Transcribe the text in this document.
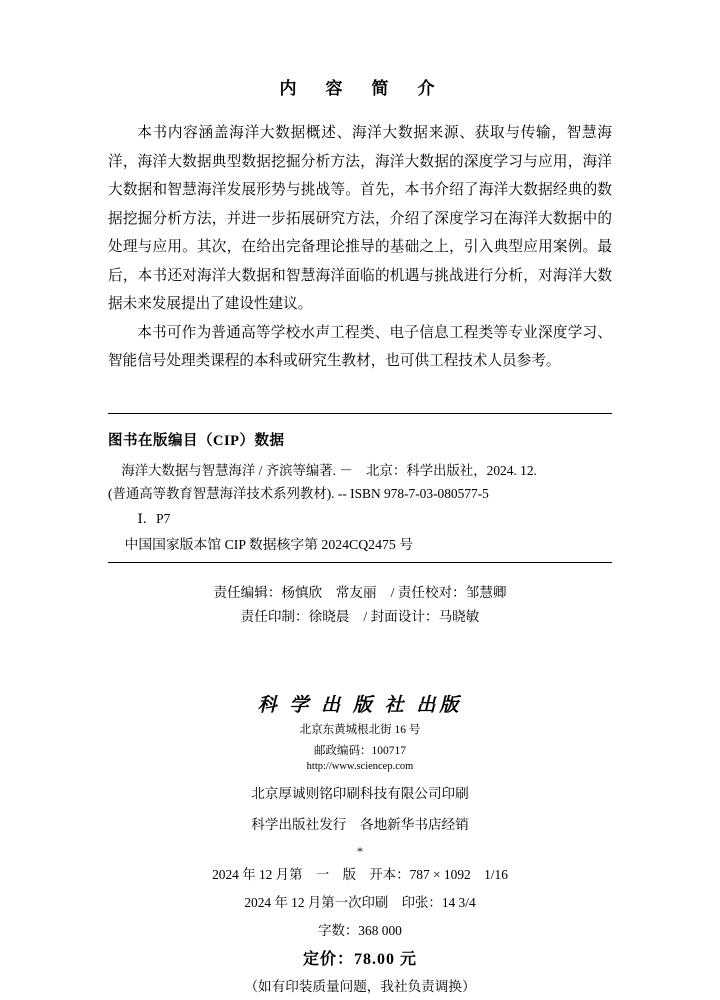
内　容　简　介

本书内容涵盖海洋大数据概述、海洋大数据来源、获取与传输，智慧海洋，海洋大数据典型数据挖掘分析方法，海洋大数据的深度学习与应用，海洋大数据和智慧海洋发展形势与挑战等。首先，本书介绍了海洋大数据经典的数据挖掘分析方法，并进一步拓展研究方法，介绍了深度学习在海洋大数据中的处理与应用。其次，在给出完备理论推导的基础之上，引入典型应用案例。最后，本书还对海洋大数据和智慧海洋面临的机遇与挑战进行分析，对海洋大数据未来发展提出了建设性建议。

本书可作为普通高等学校水声工程类、电子信息工程类等专业深度学习、智能信号处理类课程的本科或研究生教材，也可供工程技术人员参考。

图书在版编目（CIP）数据
海洋大数据与智慧海洋 / 齐滨等编著. －　北京：科学出版社，2024. 12.
(普通高等教育智慧海洋技术系列教材). -- ISBN 978-7-03-080577-5
Ⅰ．P7
中国国家版本馆 CIP 数据核字第 2024CQ2475 号
责任编辑：杨慎欣　常友丽 / 责任校对：邹慧卿
责任印制：徐晓晨 / 封面设计：马晓敏
科 学 出 版 社 出版
北京东黄城根北街 16 号
邮政编码：100717
http://www.sciencep.com
北京厚诚则铭印刷科技有限公司印刷
科学出版社发行　各地新华书店经销
*
2024 年 12 月第　一　版　开本：787 × 1092　1/16
2024 年 12 月第一次印刷　印张：14 3/4
字数：368 000
定价：78.00 元
（如有印装质量问题，我社负责调换）
